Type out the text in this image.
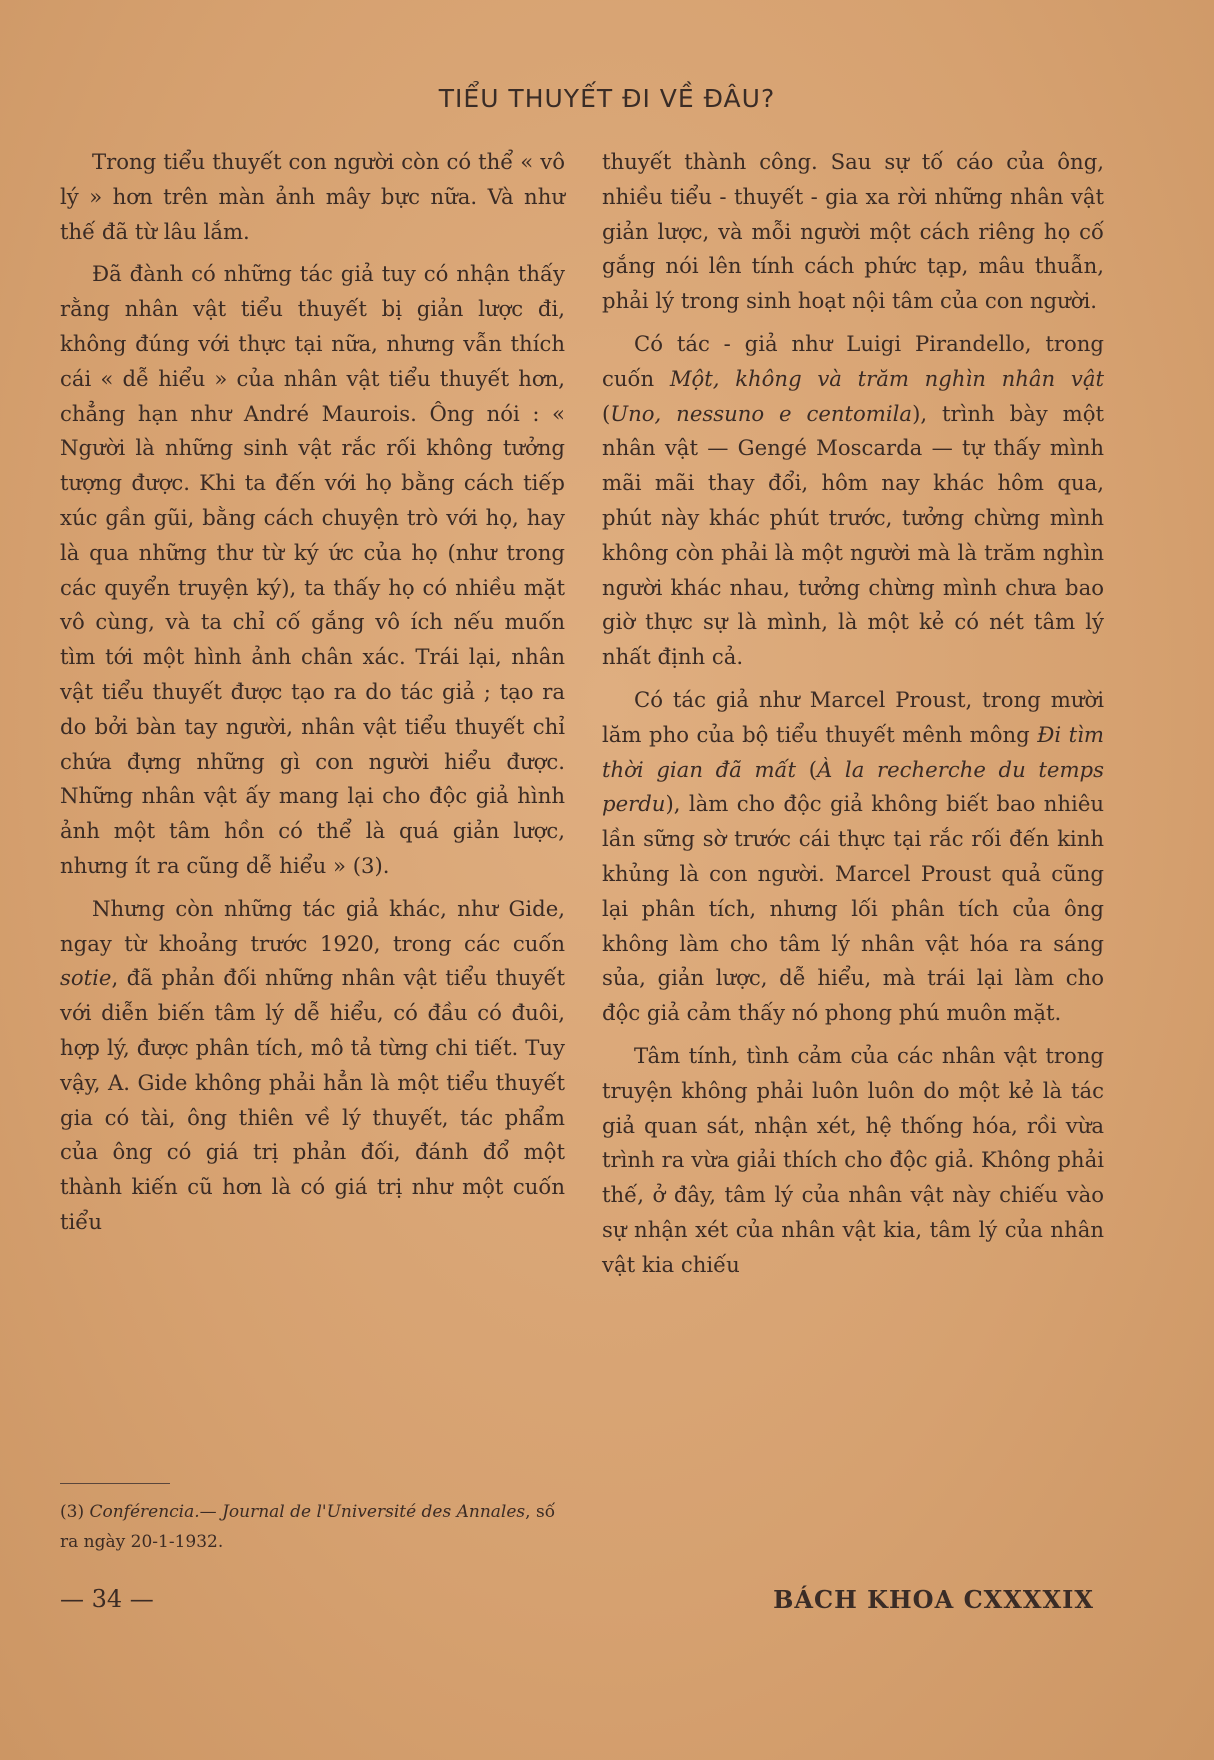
TIỂU THUYẾT ĐI VỀ ĐÂU?

Trong tiểu thuyết con người còn có thể « vô lý » hơn trên màn ảnh mây bực nữa. Và như thế đã từ lâu lắm.

Đã đành có những tác giả tuy có nhận thấy rằng nhân vật tiểu thuyết bị giản lược đi, không đúng với thực tại nữa, nhưng vẫn thích cái « dễ hiểu » của nhân vật tiểu thuyết hơn, chẳng hạn như André Maurois. Ông nói : « Người là những sinh vật rắc rối không tưởng tượng được. Khi ta đến với họ bằng cách tiếp xúc gần gũi, bằng cách chuyện trò với họ, hay là qua những thư từ ký ức của họ (như trong các quyển truyện ký), ta thấy họ có nhiều mặt vô cùng, và ta chỉ cố gắng vô ích nếu muốn tìm tới một hình ảnh chân xác. Trái lại, nhân vật tiểu thuyết được tạo ra do tác giả ; tạo ra do bởi bàn tay người, nhân vật tiểu thuyết chỉ chứa đựng những gì con người hiểu được. Những nhân vật ấy mang lại cho độc giả hình ảnh một tâm hồn có thể là quá giản lược, nhưng ít ra cũng dễ hiểu » (3).

Nhưng còn những tác giả khác, như Gide, ngay từ khoảng trước 1920, trong các cuốn sotie, đã phản đối những nhân vật tiểu thuyết với diễn biến tâm lý dễ hiểu, có đầu có đuôi, hợp lý, được phân tích, mô tả từng chi tiết. Tuy vậy, A. Gide không phải hẳn là một tiểu thuyết gia có tài, ông thiên về lý thuyết, tác phẩm của ông có giá trị phản đối, đánh đổ một thành kiến cũ hơn là có giá trị như một cuốn tiểu

thuyết thành công. Sau sự tố cáo của ông, nhiều tiểu - thuyết - gia xa rời những nhân vật giản lược, và mỗi người một cách riêng họ cố gắng nói lên tính cách phức tạp, mâu thuẫn, phải lý trong sinh hoạt nội tâm của con người.

Có tác - giả như Luigi Pirandello, trong cuốn Một, không và trăm nghìn nhân vật (Uno, nessuno e centomila), trình bày một nhân vật — Gengé Moscarda — tự thấy mình mãi mãi thay đổi, hôm nay khác hôm qua, phút này khác phút trước, tưởng chừng mình không còn phải là một người mà là trăm nghìn người khác nhau, tưởng chừng mình chưa bao giờ thực sự là mình, là một kẻ có nét tâm lý nhất định cả.

Có tác giả như Marcel Proust, trong mười lăm pho của bộ tiểu thuyết mênh mông Đi tìm thời gian đã mất (À la recherche du temps perdu), làm cho độc giả không biết bao nhiêu lần sững sờ trước cái thực tại rắc rối đến kinh khủng là con người. Marcel Proust quả cũng lại phân tích, nhưng lối phân tích của ông không làm cho tâm lý nhân vật hóa ra sáng sủa, giản lược, dễ hiểu, mà trái lại làm cho độc giả cảm thấy nó phong phú muôn mặt.

Tâm tính, tình cảm của các nhân vật trong truyện không phải luôn luôn do một kẻ là tác giả quan sát, nhận xét, hệ thống hóa, rồi vừa trình ra vừa giải thích cho độc giả. Không phải thế, ở đây, tâm lý của nhân vật này chiếu vào sự nhận xét của nhân vật kia, tâm lý của nhân vật kia chiếu

(3) Conférencia.— Journal de l'Université des Annales, số ra ngày 20-1-1932.
— 34 —	BÁCH KHOA CXXXXIX
